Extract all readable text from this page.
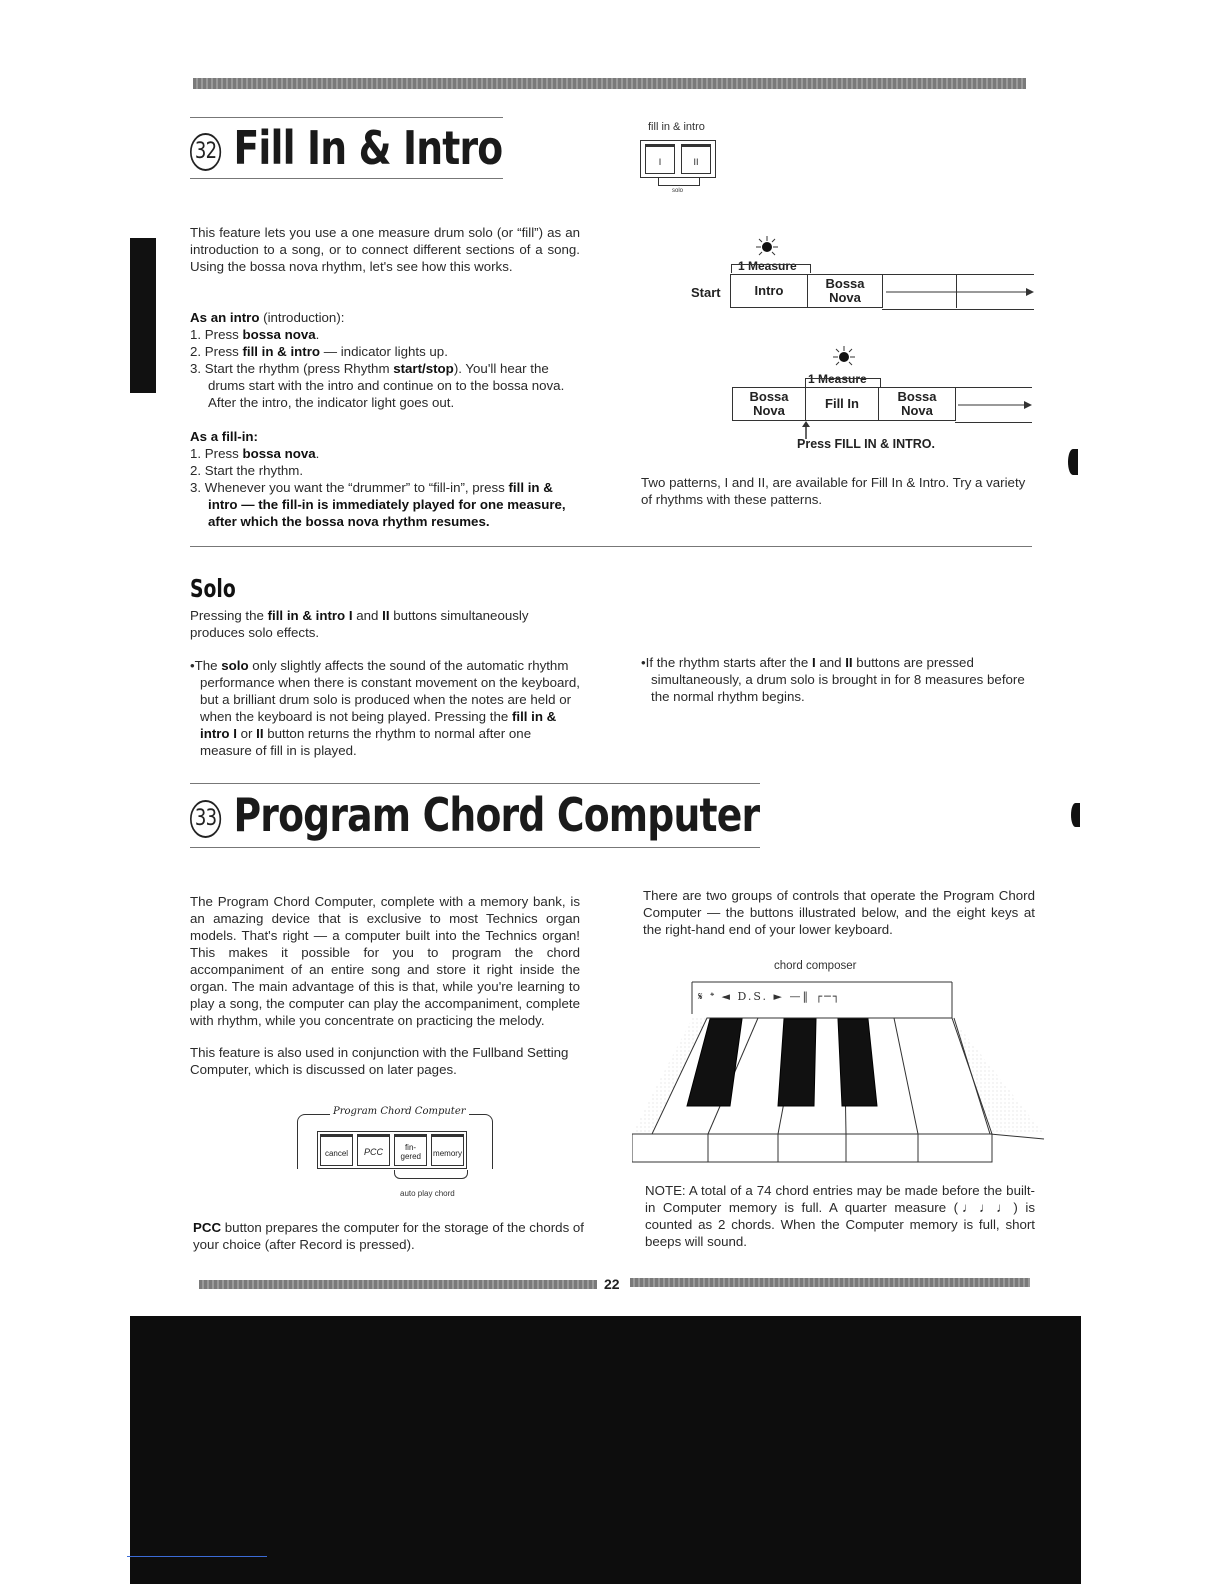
32 Fill In & Intro	fill in & intro
I	II
solo
This feature lets you use a one measure drum solo (or “fill”) as an introduction to a song, or to connect different sections of a song. Using the bossa nova rhythm, let's see how this works.
As an intro (introduction):
1. Press bossa nova.
2. Press fill in & intro — indicator lights up.
3. Start the rhythm (press Rhythm start/stop). You'll hear the drums start with the intro and continue on to the bossa nova. After the intro, the indicator light goes out.
As a fill-in:
1. Press bossa nova.
2. Start the rhythm.
3. Whenever you want the “drummer” to “fill-in”, press fill in & intro — the fill-in is immediately played for one measure, after which the bossa nova rhythm resumes.
1 Measure
Start	Intro	Bossa
Nova
1 Measure
Bossa
Nova	Fill In	Bossa
Nova
Press FILL IN & INTRO.
Two patterns, I and II, are available for Fill In & Intro. Try a variety of rhythms with these patterns.
Solo
Pressing the fill in & intro I and II buttons simultaneously produces solo effects.
•The solo only slightly affects the sound of the automatic rhythm performance when there is constant movement on the keyboard, but a brilliant drum solo is produced when the notes are held or when the keyboard is not being played. Pressing the fill in & intro I or II button returns the rhythm to normal after one measure of fill in is played.
•If the rhythm starts after the I and II buttons are pressed simultaneously, a drum solo is brought in for 8 measures before the normal rhythm begins.
33 Program Chord Computer
The Program Chord Computer, complete with a memory bank, is an amazing device that is exclusive to most Technics organ models. That's right — a computer built into the Technics organ! This makes it possible for you to program the chord accompaniment of an entire song and store it right inside the organ. The main advantage of this is that, while you're learning to play a song, the computer can play the accompaniment, complete with rhythm, while you concentrate on practicing the melody.
This feature is also used in conjunction with the Fullband Setting Computer, which is discussed on later pages.
Program Chord Computer
cancel	PCC	fin-gered memory
auto play chord
PCC button prepares the computer for the storage of the chords of your choice (after Record is pressed).
There are two groups of controls that operate the Program Chord Computer — the buttons illustrated below, and the eight keys at the right-hand end of your lower keyboard.
chord composer
𝄋 𝄌 ◄ D.S. ► —‖ ┌─┐
NOTE: A total of a 74 chord entries may be made before the built-in Computer memory is full. A quarter measure (♩♩♩) is counted as 2 chords. When the Computer memory is full, short beeps will sound.
22
